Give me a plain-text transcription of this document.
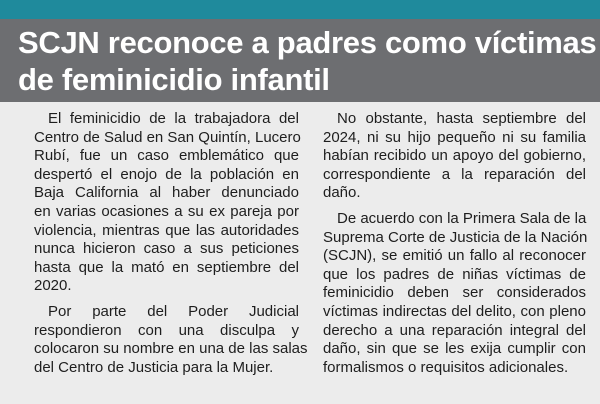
SCJN reconoce a padres como víctimas
de feminicidio infantil

El feminicidio de la trabajadora del
Centro de Salud en San Quintín, Lucero
Rubí, fue un caso emblemático que
despertó el enojo de la población en
Baja California al haber denunciado
en varias ocasiones a su ex pareja por
violencia, mientras que las autoridades
nunca hicieron caso a sus peticiones
hasta que la mató en septiembre del
2020.

Por parte del Poder Judicial
respondieron con una disculpa y
colocaron su nombre en una de las salas
del Centro de Justicia para la Mujer.

No obstante, hasta septiembre del
2024, ni su hijo pequeño ni su familia
habían recibido un apoyo del gobierno,
correspondiente a la reparación del
daño.

De acuerdo con la Primera Sala de la
Suprema Corte de Justicia de la Nación
(SCJN), se emitió un fallo al reconocer
que los padres de niñas víctimas de
feminicidio deben ser considerados
víctimas indirectas del delito, con pleno
derecho a una reparación integral del
daño, sin que se les exija cumplir con
formalismos o requisitos adicionales.
